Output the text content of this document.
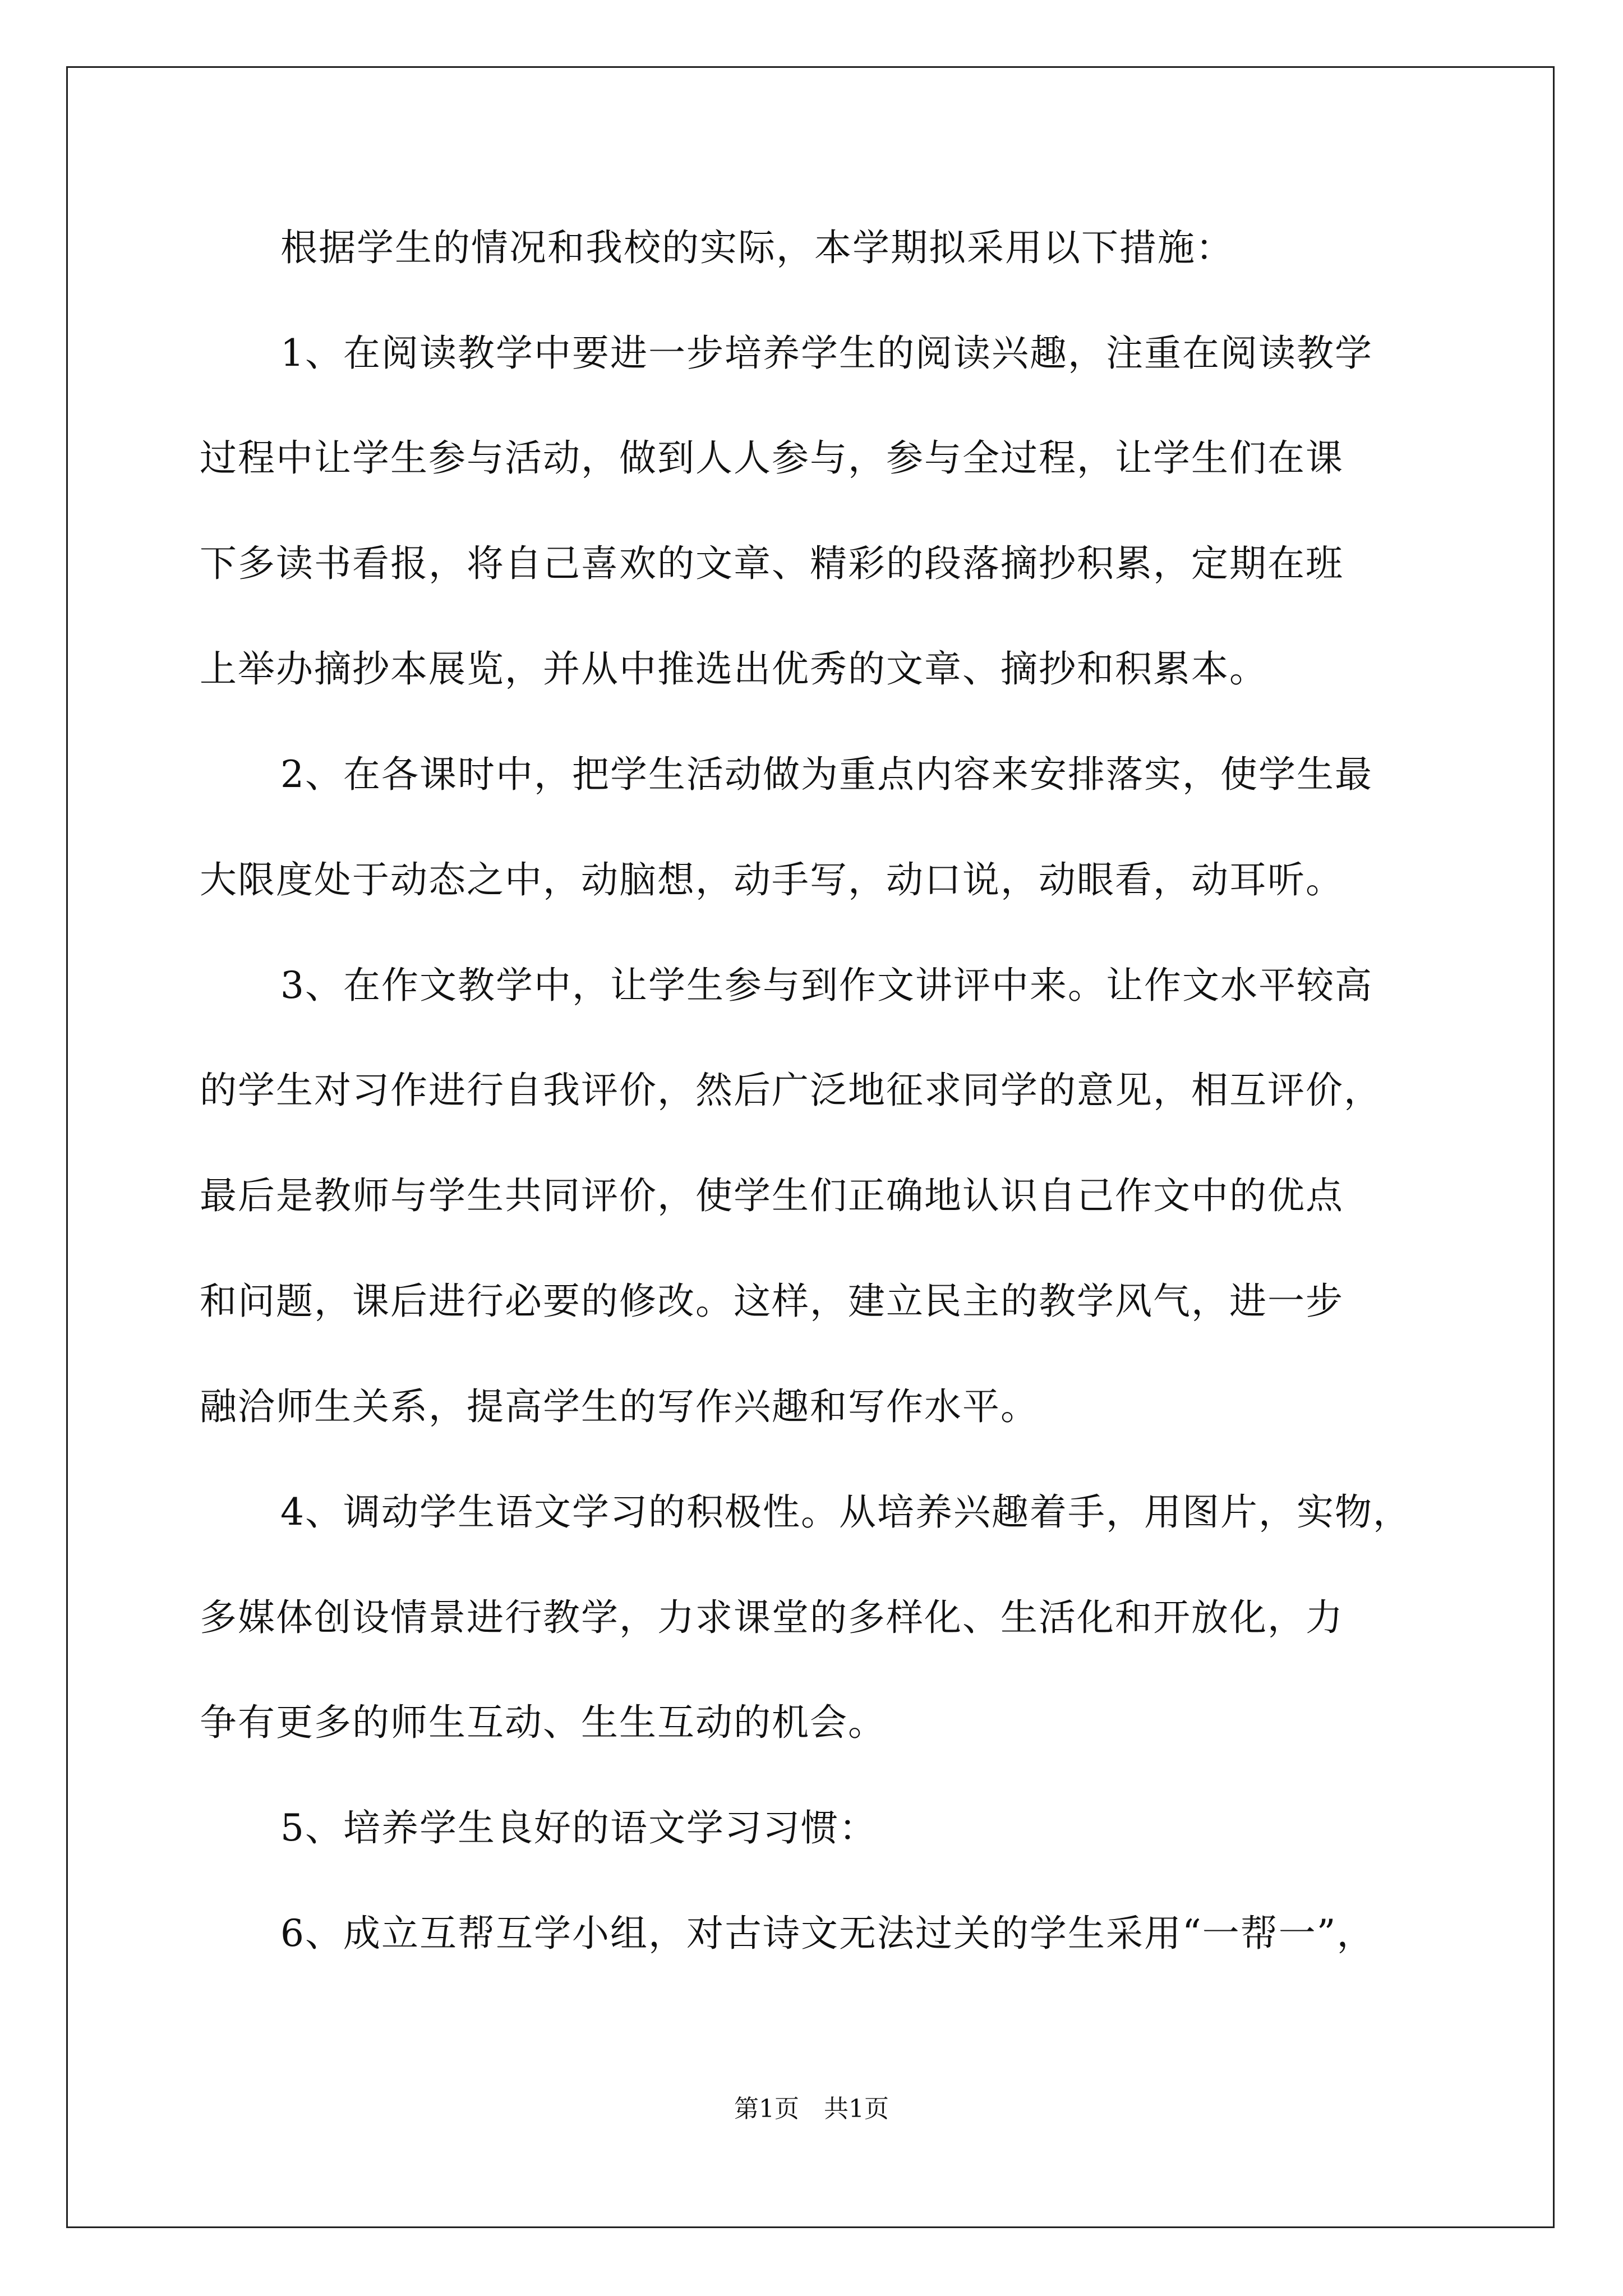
根据学生的情况和我校的实际，本学期拟采用以下措施：
1、在阅读教学中要进一步培养学生的阅读兴趣，注重在阅读教学
过程中让学生参与活动，做到人人参与，参与全过程，让学生们在课
下多读书看报，将自己喜欢的文章、精彩的段落摘抄积累，定期在班
上举办摘抄本展览，并从中推选出优秀的文章、摘抄和积累本。
2、在各课时中，把学生活动做为重点内容来安排落实，使学生最
大限度处于动态之中，动脑想，动手写，动口说，动眼看，动耳听。
3、在作文教学中，让学生参与到作文讲评中来。让作文水平较高
的学生对习作进行自我评价，然后广泛地征求同学的意见，相互评价，
最后是教师与学生共同评价，使学生们正确地认识自己作文中的优点
和问题，课后进行必要的修改。这样，建立民主的教学风气，进一步
融洽师生关系，提高学生的写作兴趣和写作水平。
4、调动学生语文学习的积极性。从培养兴趣着手，用图片，实物，
多媒体创设情景进行教学，力求课堂的多样化、生活化和开放化，力
争有更多的师生互动、生生互动的机会。
5、培养学生良好的语文学习习惯：
6、成立互帮互学小组，对古诗文无法过关的学生采用“一帮一”，
第1页　共1页
